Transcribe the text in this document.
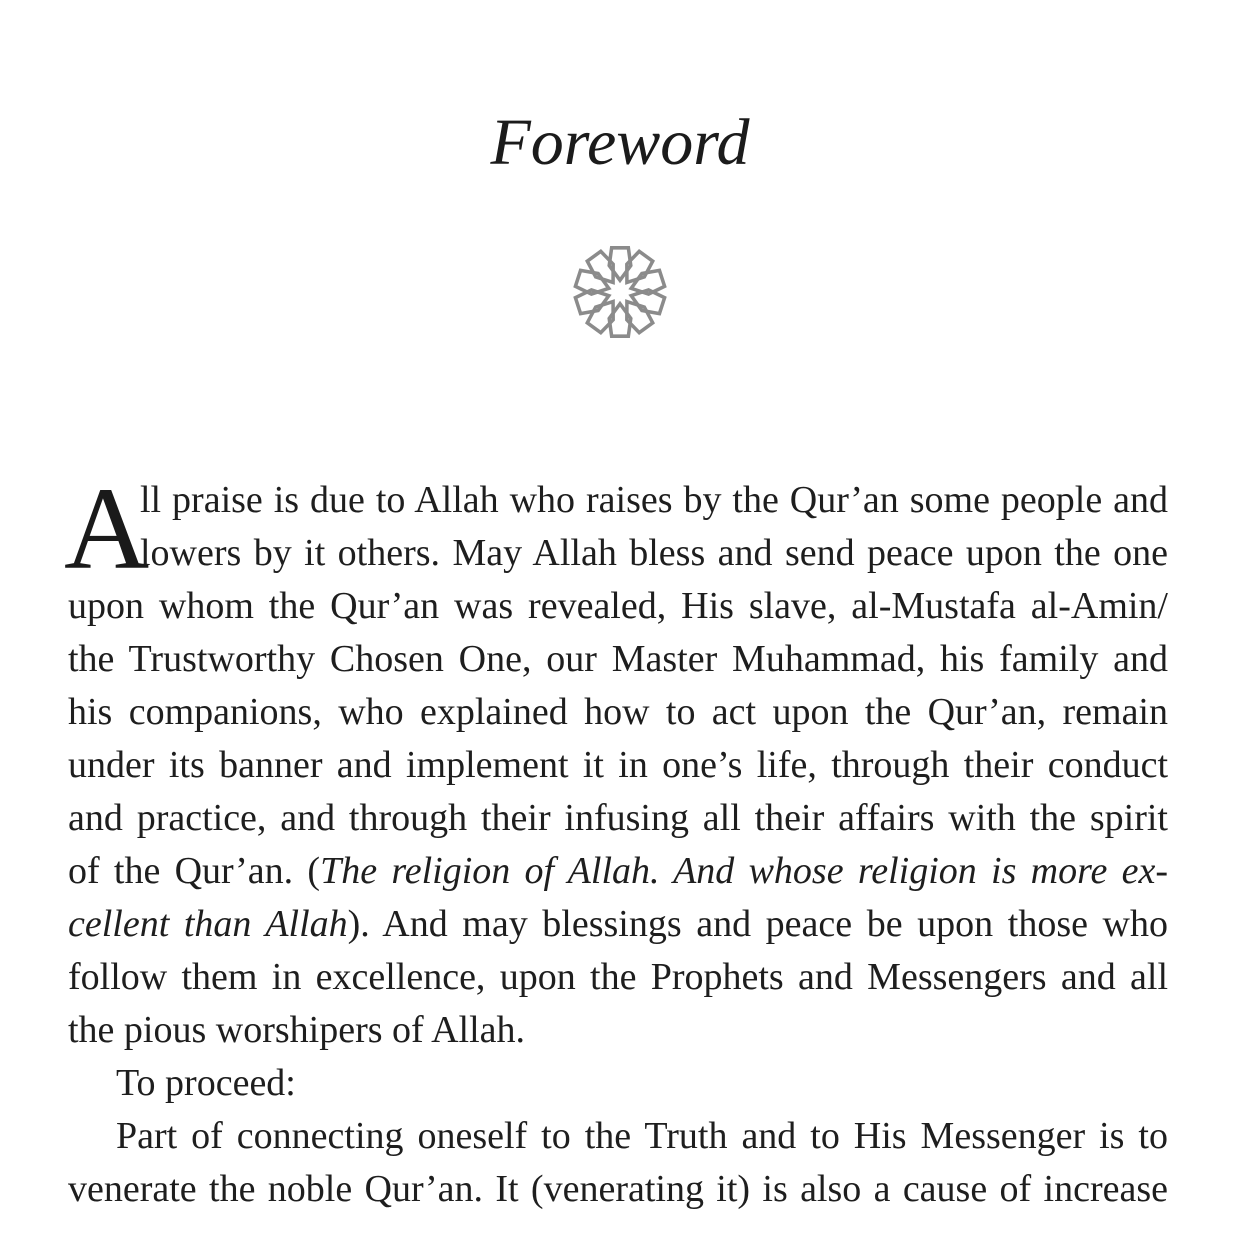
Foreword
A
ll praise is due to Allah who raises by the Qur’an some people and
lowers by it others. May Allah bless and send peace upon the one
upon whom the Qur’an was revealed, His slave, al-Mustafa al-Amin/
the Trustworthy Chosen One, our Master Muhammad, his family and
his companions, who explained how to act upon the Qur’an, remain
under its banner and implement it in one’s life, through their conduct
and practice, and through their infusing all their affairs with the spirit
of the Qur’an. (The religion of Allah. And whose religion is more ex-
cellent than Allah). And may blessings and peace be upon those who
follow them in excellence, upon the Prophets and Messengers and all
the pious worshipers of Allah.
To proceed:
Part of connecting oneself to the Truth and to His Messenger is to
venerate the noble Qur’an. It (venerating it) is also a cause of increase
